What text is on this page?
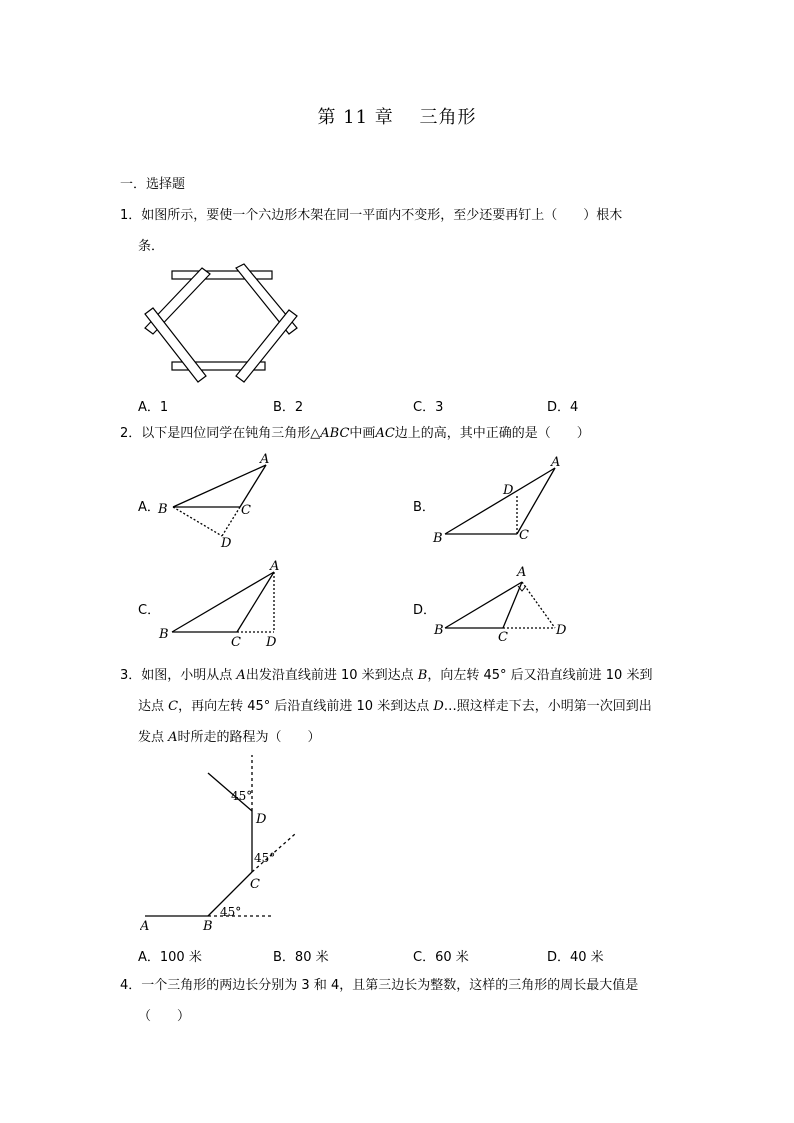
第 11 章　 三角形
一．选择题
1．如图所示，要使一个六边形木架在同一平面内不变形，至少还要再钉上（　　）根木
条．
A．1	B．2	C．3	D．4
2．以下是四位同学在钝角三角形△ABC中画AC边上的高，其中正确的是（　　）
A．	B．
C．	D．
A
B	C
D
A
D
B	C
A
B
C D
A
B	C	D
3．如图，小明从点 A出发沿直线前进 10 米到达点 B，向左转 45° 后又沿直线前进 10 米到
达点 C，再向左转 45° 后沿直线前进 10 米到达点 D…照这样走下去，小明第一次回到出
发点 A时所走的路程为（　　）
A	B
C
D
45°
45°
45°
A．100 米	B．80 米	C．60 米	D．40 米
4．一个三角形的两边长分别为 3 和 4，且第三边长为整数，这样的三角形的周长最大值是
（　　）
